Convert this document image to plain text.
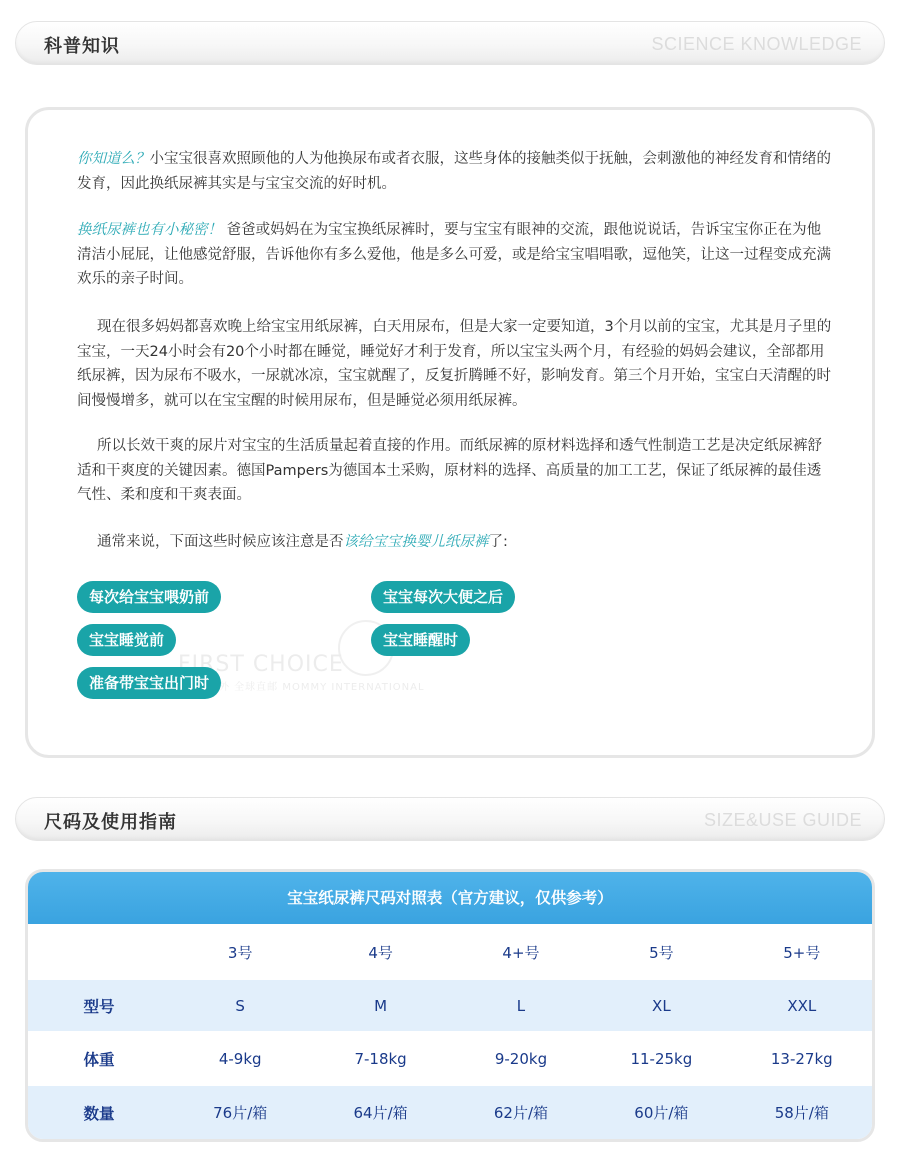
科普知识	SCIENCE KNOWLEDGE

你知道么？小宝宝很喜欢照顾他的人为他换尿布或者衣服，这些身体的接触类似于抚触，会刺激他的神经发育和情绪的发育，因此换纸尿裤其实是与宝宝交流的好时机。

换纸尿裤也有小秘密！ 爸爸或妈妈在为宝宝换纸尿裤时，要与宝宝有眼神的交流，跟他说说话，告诉宝宝你正在为他清洁小屁屁，让他感觉舒服，告诉他你有多么爱他，他是多么可爱，或是给宝宝唱唱歌，逗他笑，让这一过程变成充满欢乐的亲子时间。

现在很多妈妈都喜欢晚上给宝宝用纸尿裤，白天用尿布，但是大家一定要知道，3个月以前的宝宝，尤其是月子里的宝宝，一天24小时会有20个小时都在睡觉，睡觉好才利于发育，所以宝宝头两个月，有经验的妈妈会建议，全部都用纸尿裤，因为尿布不吸水，一尿就冰凉，宝宝就醒了，反复折腾睡不好，影响发育。第三个月开始，宝宝白天清醒的时间慢慢增多，就可以在宝宝醒的时候用尿布，但是睡觉必须用纸尿裤。

所以长效干爽的尿片对宝宝的生活质量起着直接的作用。而纸尿裤的原材料选择和透气性制造工艺是决定纸尿裤舒适和干爽度的关键因素。德国Pampers为德国本土采购，原材料的选择、高质量的加工工艺，保证了纸尿裤的最佳透气性、柔和度和干爽表面。

通常来说，下面这些时候应该注意是否该给宝宝换婴儿纸尿裤了:

FIRST CHOICE
海外 全球直邮 MOMMY INTERNATIONAL
每次给宝宝喂奶前	宝宝每次大便之后
宝宝睡觉前	宝宝睡醒时
准备带宝宝出门时
尺码及使用指南	SIZE&USE GUIDE
宝宝纸尿裤尺码对照表（官方建议，仅供参考）
	3号	4号	4+号	5号	5+号
型号	S	M	L	XL	XXL
体重	4-9kg	7-18kg	9-20kg	11-25kg	13-27kg
数量	76片/箱	64片/箱	62片/箱	60片/箱	58片/箱
